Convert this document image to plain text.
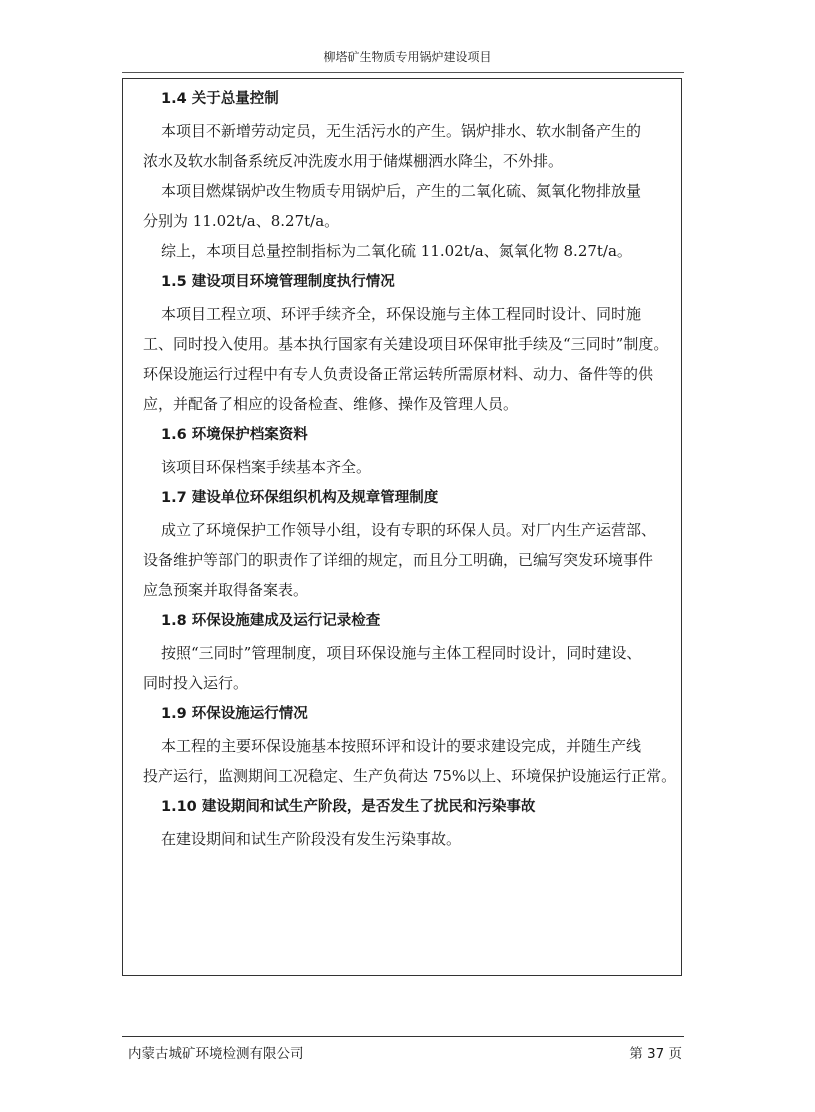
柳塔矿生物质专用锅炉建设项目
1.4 关于总量控制
本项目不新增劳动定员，无生活污水的产生。锅炉排水、软水制备产生的
浓水及软水制备系统反冲洗废水用于储煤棚洒水降尘，不外排。
本项目燃煤锅炉改生物质专用锅炉后，产生的二氧化硫、氮氧化物排放量
分别为 11.02t/a、8.27t/a。
综上，本项目总量控制指标为二氧化硫 11.02t/a、氮氧化物 8.27t/a。
1.5 建设项目环境管理制度执行情况
本项目工程立项、环评手续齐全，环保设施与主体工程同时设计、同时施
工、同时投入使用。基本执行国家有关建设项目环保审批手续及“三同时”制度。
环保设施运行过程中有专人负责设备正常运转所需原材料、动力、备件等的供
应，并配备了相应的设备检查、维修、操作及管理人员。
1.6 环境保护档案资料
该项目环保档案手续基本齐全。
1.7 建设单位环保组织机构及规章管理制度
成立了环境保护工作领导小组，设有专职的环保人员。对厂内生产运营部、
设备维护等部门的职责作了详细的规定，而且分工明确，已编写突发环境事件
应急预案并取得备案表。
1.8 环保设施建成及运行记录检查
按照“三同时”管理制度，项目环保设施与主体工程同时设计，同时建设、
同时投入运行。
1.9 环保设施运行情况
本工程的主要环保设施基本按照环评和设计的要求建设完成，并随生产线
投产运行，监测期间工况稳定、生产负荷达 75%以上、环境保护设施运行正常。
1.10 建设期间和试生产阶段，是否发生了扰民和污染事故
在建设期间和试生产阶段没有发生污染事故。
内蒙古城矿环境检测有限公司	第 37 页
